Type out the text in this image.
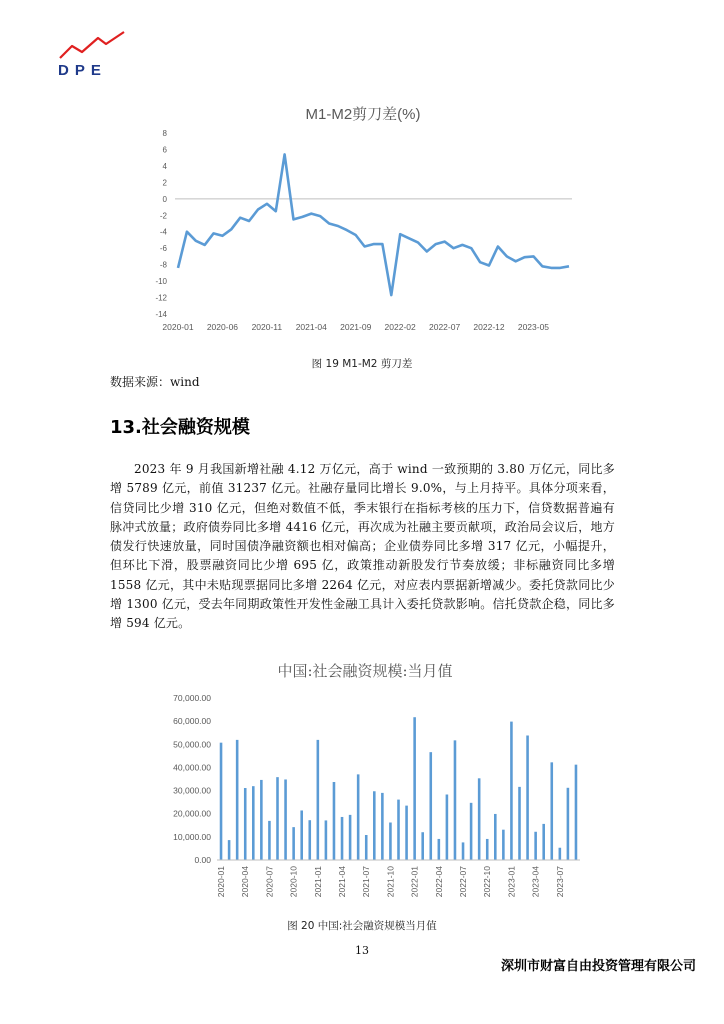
DPE
M1-M2剪刀差(%)
8
6
4
2
0
-2
-4
-6
-8
-10
-12
-14
2020-01 2020-06 2020-11 2021-04 2021-09 2022-02 2022-07 2022-12 2023-05
图 19 M1-M2 剪刀差
数据来源：wind
13.社会融资规模
2023 年 9 月我国新增社融 4.12 万亿元，高于 wind 一致预期的 3.80 万亿元，同比多增 5789 亿元，前值 31237 亿元。社融存量同比增长 9.0%，与上月持平。具体分项来看，信贷同比少增 310 亿元，但绝对数值不低，季末银行在指标考核的压力下，信贷数据普遍有脉冲式放量；政府债券同比多增 4416 亿元，再次成为社融主要贡献项，政治局会议后，地方债发行快速放量，同时国债净融资额也相对偏高；企业债券同比多增 317 亿元，小幅提升，但环比下滑，股票融资同比少增 695 亿，政策推动新股发行节奏放缓；非标融资同比多增 1558 亿元，其中未贴现票据同比多增 2264 亿元，对应表内票据新增减少。委托贷款同比少增 1300 亿元，受去年同期政策性开发性金融工具计入委托贷款影响。信托贷款企稳，同比多增 594 亿元。
中国:社会融资规模:当月值
70,000.00
60,000.00
50,000.00
40,000.00
30,000.00
20,000.00
10,000.00
0.00
2020-01 2020-04 2020-07 2020-10 2021-01 2021-04 2021-07 2021-10 2022-01 2022-04 2022-07 2022-10 2023-01 2023-04 2023-07
图 20 中国:社会融资规模当月值
13
深圳市财富自由投资管理有限公司
